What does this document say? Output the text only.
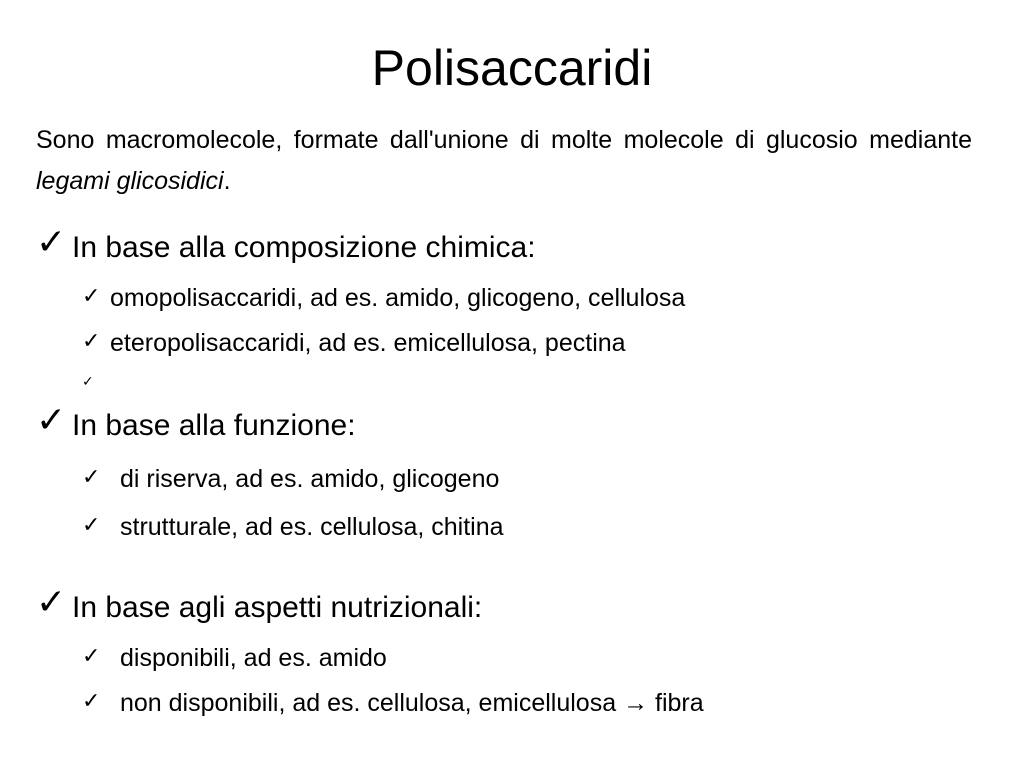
Polisaccaridi
Sono macromolecole, formate dall'unione di molte molecole di glucosio mediante legami glicosidici.
✓ In base alla composizione chimica:
✓ omopolisaccaridi, ad es. amido, glicogeno, cellulosa
✓ eteropolisaccaridi, ad es. emicellulosa, pectina
✓
✓ In base alla funzione:
✓ di riserva, ad es. amido, glicogeno
✓ strutturale, ad es. cellulosa, chitina
✓ In base agli aspetti nutrizionali:
✓ disponibili, ad es. amido
✓ non disponibili, ad es. cellulosa, emicellulosa → fibra
